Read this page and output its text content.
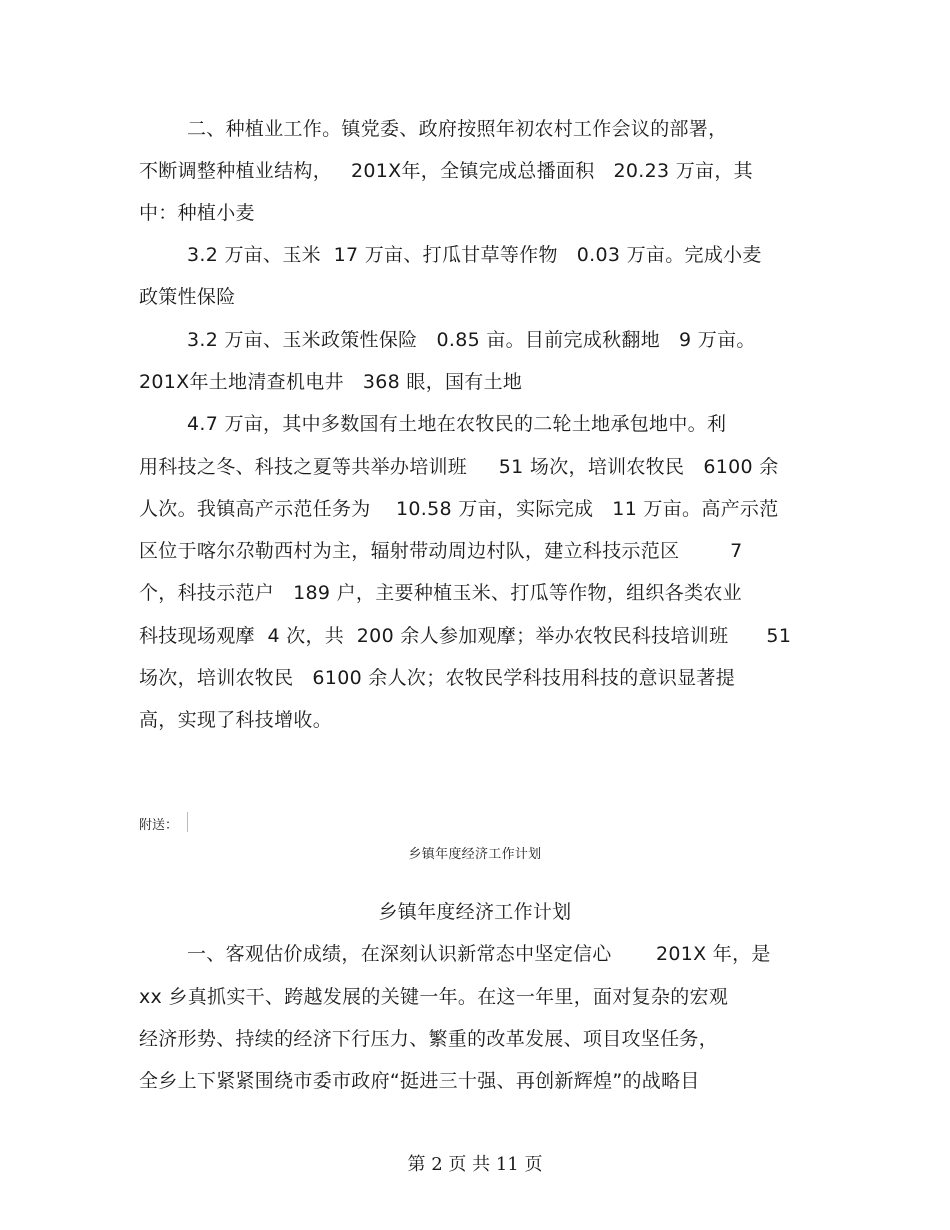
二、种植业工作。镇党委、政府按照年初农村工作会议的部署，
不断调整种植业结构，   201X年，全镇完成总播面积   20.23 万亩，其
中：种植小麦
3.2 万亩、玉米  17 万亩、打瓜甘草等作物   0.03 万亩。完成小麦
政策性保险
3.2 万亩、玉米政策性保险   0.85 亩。目前完成秋翻地   9 万亩。
201X年土地清查机电井   368 眼，国有土地
4.7 万亩，其中多数国有土地在农牧民的二轮土地承包地中。利
用科技之冬、科技之夏等共举办培训班     51 场次，培训农牧民   6100 余
人次。我镇高产示范任务为    10.58 万亩，实际完成   11 万亩。高产示范
区位于喀尔尕勒西村为主，辐射带动周边村队，建立科技示范区        7
个，科技示范户   189 户，主要种植玉米、打瓜等作物，组织各类农业
科技现场观摩  4 次，共  200 余人参加观摩；举办农牧民科技培训班      51
场次，培训农牧民   6100 余人次；农牧民学科技用科技的意识显著提
高，实现了科技增收。
附送：
乡镇年度经济工作计划
乡镇年度经济工作计划
一、客观估价成绩，在深刻认识新常态中坚定信心       201X 年，是
xx 乡真抓实干、跨越发展的关键一年。在这一年里，面对复杂的宏观
经济形势、持续的经济下行压力、繁重的改革发展、项目攻坚任务，
全乡上下紧紧围绕市委市政府“挺进三十强、再创新辉煌”的战略目
第 2 页 共 11 页
